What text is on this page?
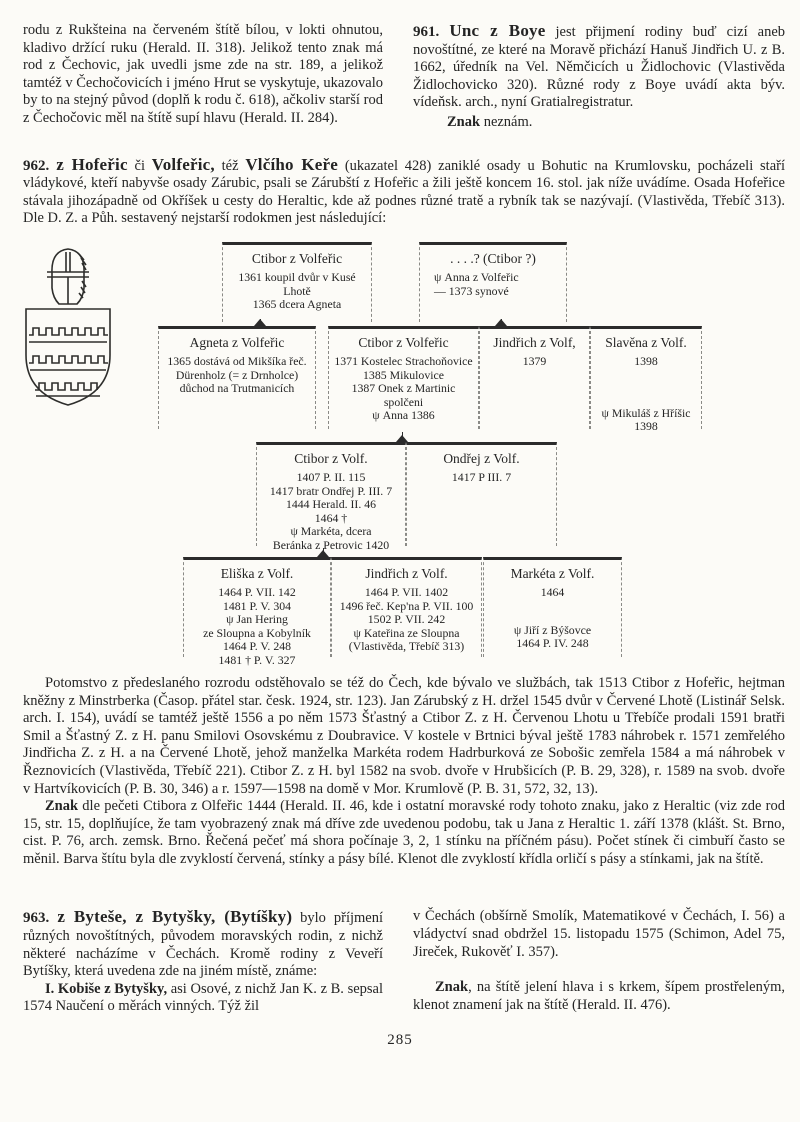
rodu z Rukšteina na červeném štítě bílou, v lokti ohnutou, kladivo držící ruku (Herald. II. 318). Jelikož tento znak má rod z Čechovic, jak uvedli jsme zde na str. 189, a jelikož tamtéž v Čechočovicích i jméno Hrut se vyskytuje, ukazovalo by to na stejný původ (doplň k rodu č. 618), ačkoliv starší rod z Čechočovic měl na štítě supí hlavu (Herald. II. 284).

961. Unc z Boye jest přijmení rodiny buď cizí aneb novoštítné, ze které na Moravě přichází Hanuš Jindřich U. z B. 1662, úředník na Vel. Němčicích u Židlochovic (Vlastivěda Židlochovicko 320). Různé rody z Boye uvádí akta býv. vídeňsk. arch., nyní Gratialregistratur.

Znak neznám.

962. z Hofeřic či Volfeřic, též Vlčího Keře (ukazatel 428) zaniklé osady u Bohutic na Krumlovsku, pocházeli staří vládykové, kteří nabyvše osady Zárubic, psali se Zárubští z Hofeřic a žili ještě koncem 16. stol. jak níže uvádíme. Osada Hofeřice stávala jihozápadně od Okříšek u cesty do Heraltic, kde až podnes různé tratě a rybník tak se nazývají. (Vlastivěda, Třebíč 313). Dle D. Z. a Půh. sestavený nejstarší rodokmen jest následující:

Ctibor z Volfeřic
1361 koupil dvůr v Kusé Lhotě
1365 dcera Agneta
. . . .? (Ctibor ?)
ψ Anna z Volfeřic
— 1373 synové
Agneta z Volfeřic
1365 dostává od Mikšíka řeč. Dürenholz (= z Drnholce) důchod na Trutmanicích
Ctibor z Volfeřic
1371 Kostelec Strachoňovice
1385 Mikulovice
1387 Onek z Martinic spolčeni
ψ Anna 1386
Jindřich z Volf,
1379
Slavěna z Volf.
1398
ψ Mikuláš z Hříšic
1398
Ctibor z Volf.
1407 P. II. 115
1417 bratr Ondřej P. III. 7
1444 Herald. II. 46
1464 †
ψ Markéta, dcera
Beránka z Petrovic 1420
Ondřej z Volf.
1417 P III. 7
Eliška z Volf.
1464 P. VII. 142
1481 P. V. 304
ψ Jan Hering
ze Sloupna a Kobylník
1464 P. V. 248
1481 † P. V. 327
Jindřich z Volf.
1464 P. VII. 1402
1496 řeč. Kep'na P. VII. 100
1502 P. VII. 242
ψ Kateřina ze Sloupna
(Vlastivěda, Třebíč 313)
Markéta z Volf.
1464
ψ Jiří z Býšovce
1464 P. IV. 248

Potomstvo z předeslaného rozrodu odstěhovalo se též do Čech, kde bývalo ve službách, tak 1513 Ctibor z Hofeřic, hejtman kněžny z Minstrberka (Časop. přátel star. česk. 1924, str. 123). Jan Zárubský z H. držel 1545 dvůr v Červené Lhotě (Listinář Selsk. arch. I. 154), uvádí se tamtéž ještě 1556 a po něm 1573 Šťastný a Ctibor Z. z H. Červenou Lhotu u Třebíče prodali 1591 bratři Smil a Šťastný Z. z H. panu Smilovi Osovskému z Doubravice. V kostele v Brtnici býval ještě 1783 náhrobek r. 1571 zemřelého Jindřicha Z. z H. a na Červené Lhotě, jehož manželka Markéta rodem Hadrburková ze Sobošic zemřela 1584 a má náhrobek v Řeznovicích (Vlastivěda, Třebíč 221). Ctibor Z. z H. byl 1582 na svob. dvoře v Hrubšicích (P. B. 29, 328), r. 1589 na svob. dvoře v Hartvíkovicích (P. B. 30, 346) a r. 1597—1598 na domě v Mor. Krumlově (P. B. 31, 572, 32, 13).

Znak dle pečeti Ctibora z Olfeřic 1444 (Herald. II. 46, kde i ostatní moravské rody tohoto znaku, jako z Heraltic (viz zde rod 15, str. 15, doplňujíce, že tam vyobrazený znak má dříve zde uvedenou podobu, tak u Jana z Heraltic 1. září 1378 (klášt. St. Brno, cist. P. 76, arch. zemsk. Brno. Řečená pečeť má shora počínaje 3, 2, 1 stínku na příčném pásu). Počet stínek či cimbuří často se měnil. Barva štítu byla dle zvyklostí červená, stínky a pásy bílé. Klenot dle zvyklostí křídla orličí s pásy a stínkami, jak na štítě.

963. z Byteše, z Bytyšky, (Bytíšky) bylo příjmení různých novoštítných, původem moravských rodin, z nichž některé nacházíme v Čechách. Kromě rodiny z Veveří Bytíšky, která uvedena zde na jiném místě, známe:

I. Kobiše z Bytyšky, asi Osové, z nichž Jan K. z B. sepsal 1574 Naučení o měrách vinných. Týž žil

v Čechách (obšírně Smolík, Matematikové v Čechách, I. 56) a vládyctví snad obdržel 15. listopadu 1575 (Schimon, Adel 75, Jireček, Rukověť I. 357).

Znak, na štítě jelení hlava i s krkem, šípem prostřeleným, klenot znamení jak na štítě (Herald. II. 476).

285
